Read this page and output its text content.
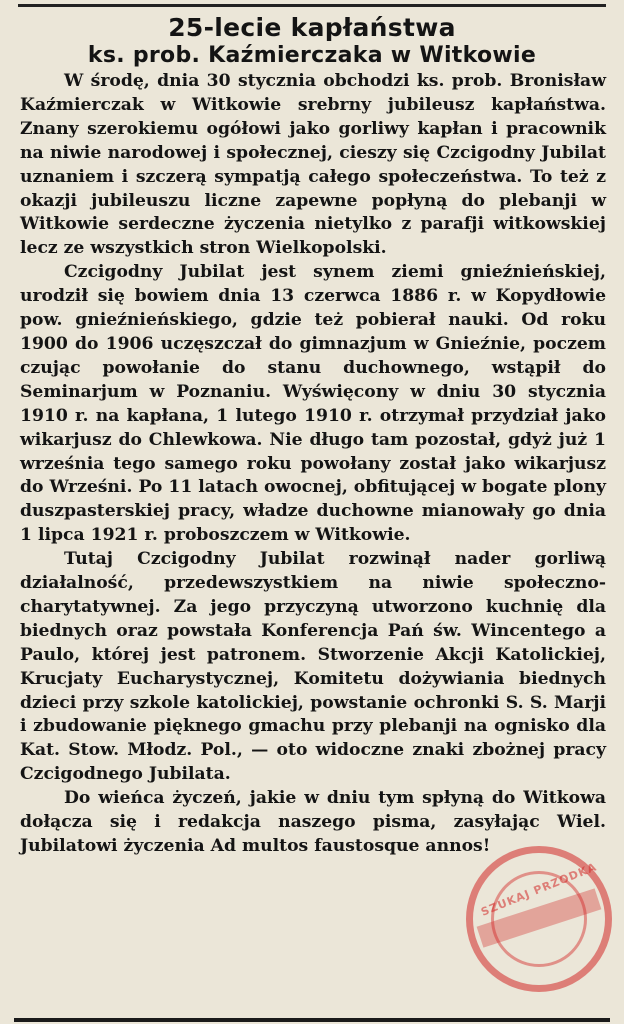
25-lecie kapłaństwa

ks. prob. Kaźmierczaka w Witkowie

W środę, dnia 30 stycznia obchodzi ks. prob. Bronisław Kaźmierczak w Witkowie srebrny jubileusz kapłaństwa. Znany szerokiemu ogółowi jako gorliwy kapłan i pracownik na niwie narodowej i społecznej, cieszy się Czcigodny Jubilat uznaniem i szczerą sympatją całego społeczeństwa. To też z okazji jubileuszu liczne zapewne popłyną do plebanji w Witkowie serdeczne życzenia nietylko z parafji witkowskiej lecz ze wszystkich stron Wielkopolski.

Czcigodny Jubilat jest synem ziemi gnieźnieńskiej, urodził się bowiem dnia 13 czerwca 1886 r. w Kopydłowie pow. gnieźnieńskiego, gdzie też pobierał nauki. Od roku 1900 do 1906 uczęszczał do gimnazjum w Gnieźnie, poczem czując powołanie do stanu duchownego, wstąpił do Seminarjum w Poznaniu. Wyświęcony w dniu 30 stycznia 1910 r. na kapłana, 1 lutego 1910 r. otrzymał przydział jako wikarjusz do Chlewkowa. Nie długo tam pozostał, gdyż już 1 września tego samego roku powołany został jako wikarjusz do Wrześni. Po 11 latach owocnej, obfitującej w bogate plony duszpasterskiej pracy, władze duchowne mianowały go dnia 1 lipca 1921 r. proboszczem w Witkowie.

Tutaj Czcigodny Jubilat rozwinął nader gorliwą działalność, przedewszystkiem na niwie społeczno-charytatywnej. Za jego przyczyną utworzono kuchnię dla biednych oraz powstała Konferencja Pań św. Wincentego a Paulo, której jest patronem. Stworzenie Akcji Katolickiej, Krucjaty Eucharystycznej, Komitetu dożywiania biednych dzieci przy szkole katolickiej, powstanie ochronki S. S. Marji i zbudowanie pięknego gmachu przy plebanji na ognisko dla Kat. Stow. Młodz. Pol., — oto widoczne znaki zbożnej pracy Czcigodnego Jubilata.

Do wieńca życzeń, jakie w dniu tym spłyną do Witkowa dołącza się i redakcja naszego pisma, zasyłając Wiel. Jubilatowi życzenia Ad multos faustosque annos!

SZUKAJ PRZODKA
